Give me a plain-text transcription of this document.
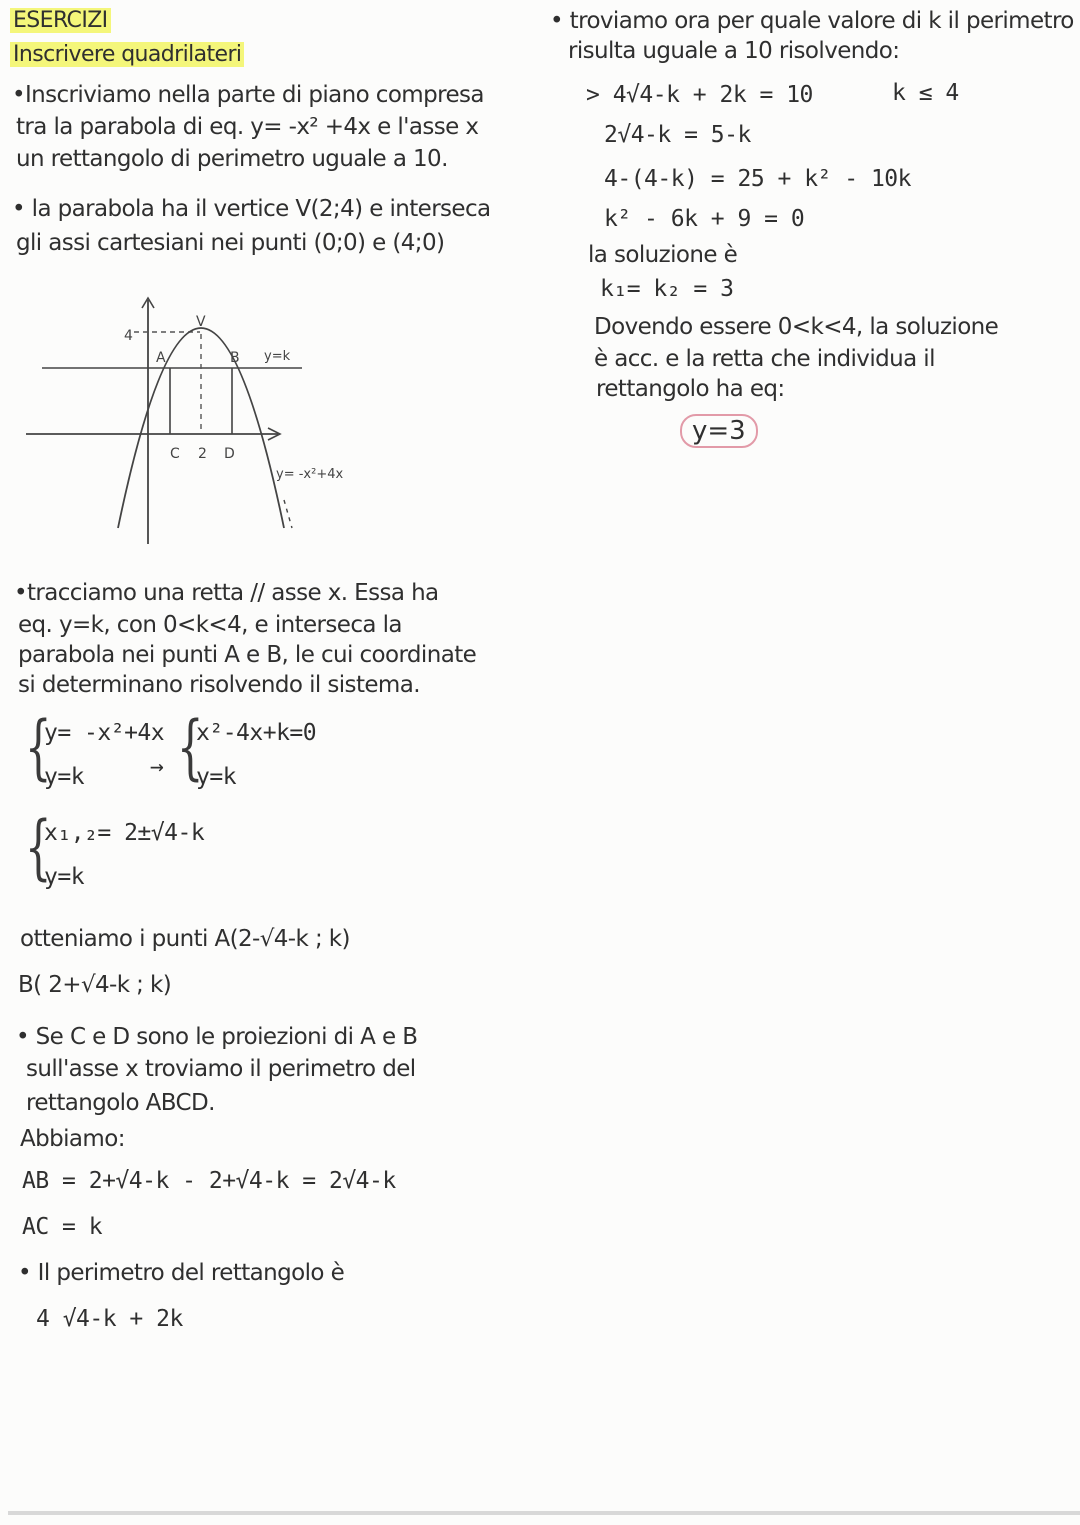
ESERCIZI
Inscrivere quadrilateri
•Inscriviamo nella parte di piano compresa
tra la parabola di eq. y= -x² +4x e l'asse x
un rettangolo di perimetro uguale a 10.
• la parabola ha il vertice V(2;4) e interseca
gli assi cartesiani nei punti (0;0) e (4;0)
4
V
A	B y=k
C 2 D
y= -x²+4x
•tracciamo una retta // asse x. Essa ha
eq. y=k, con 0<k<4, e interseca la
parabola nei punti A e B, le cui coordinate
si determinano risolvendo il sistema.
{
y= -x²+4x
y=k	→ {
x²-4x+k=0
y=k
{
x₁,₂= 2±√4-k
y=k
otteniamo i punti A(2-√4-k ; k)
B( 2+√4-k ; k)
• Se C e D sono le proiezioni di A e B
sull'asse x troviamo il perimetro del
rettangolo ABCD.
Abbiamo:
AB = 2+√4-k - 2+√4-k = 2√4-k
AC = k
• Il perimetro del rettangolo è
4 √4-k + 2k
• troviamo ora per quale valore di k il perimetro
risulta uguale a 10 risolvendo:
> 4√4-k + 2k = 10	k ≤ 4
2√4-k = 5-k
4-(4-k) = 25 + k² - 10k
k² - 6k + 9 = 0
la soluzione è
k₁= k₂ = 3
Dovendo essere 0<k<4, la soluzione
è acc. e la retta che individua il
rettangolo ha eq:
y=3
